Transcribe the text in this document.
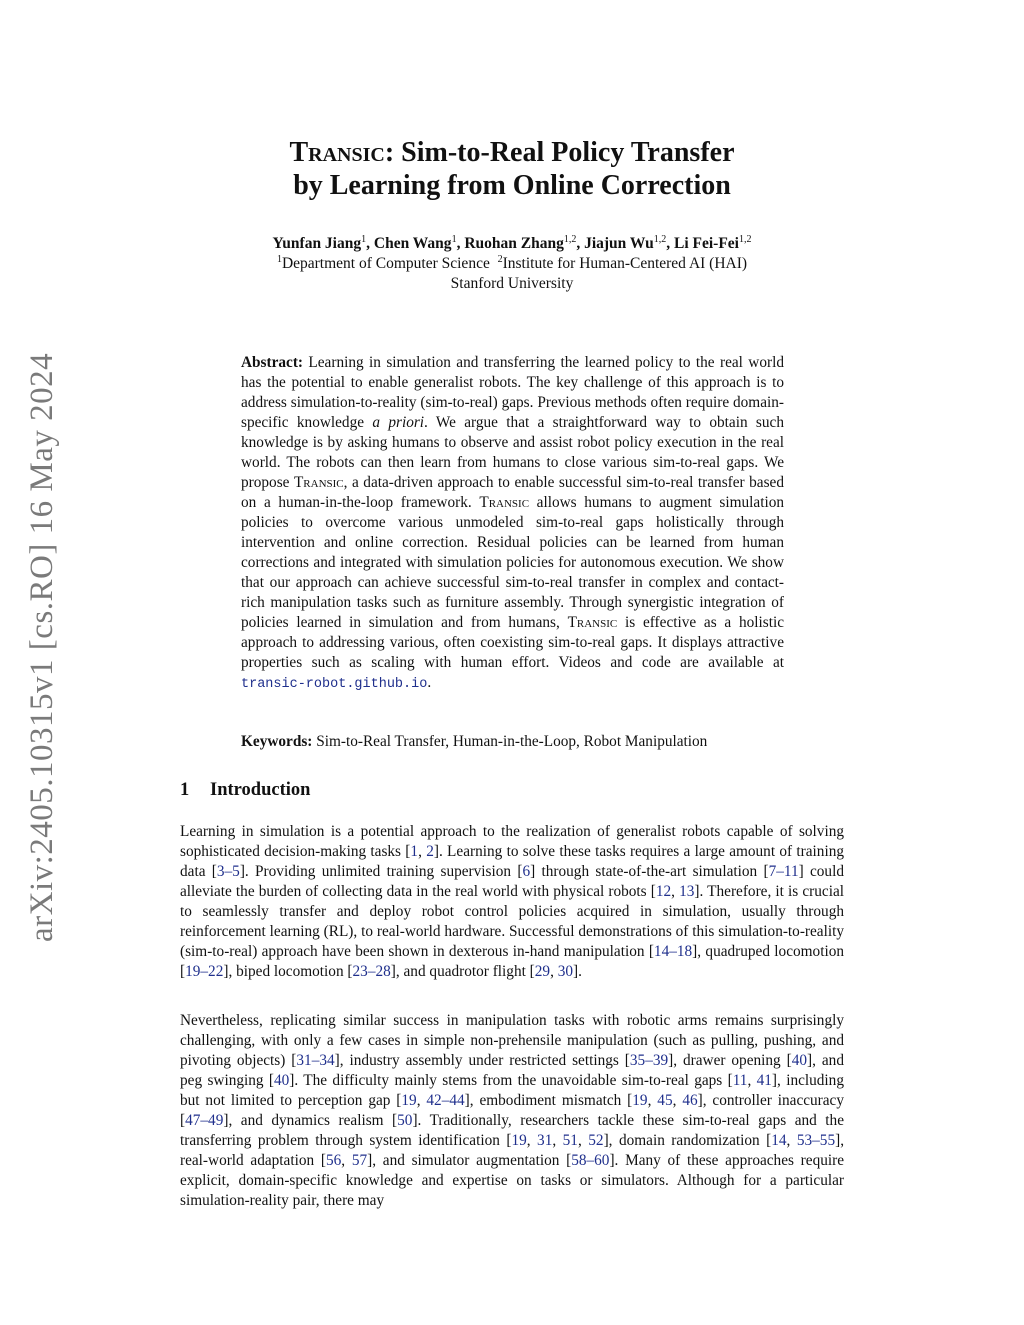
arXiv:2405.10315v1 [cs.RO] 16 May 2024
Transic: Sim-to-Real Policy Transfer
by Learning from Online Correction
Yunfan Jiang$^1$, Chen Wang$^1$, Ruohan Zhang$^{1,2}$, Jiajun Wu$^{1,2}$, Li Fei-Fei$^{1,2}$
$^1$Department of Computer Science $^2$Institute for Human-Centered AI (HAI)
Stanford University
Abstract: Learning in simulation and transferring the learned policy to the real world has the potential to enable generalist robots. The key challenge of this approach is to address simulation-to-reality (sim-to-real) gaps. Previous methods often require domain-specific knowledge a priori. We argue that a straightforward way to obtain such knowledge is by asking humans to observe and assist robot policy execution in the real world. The robots can then learn from humans to close various sim-to-real gaps. We propose Transic, a data-driven approach to enable successful sim-to-real transfer based on a human-in-the-loop framework. Transic allows humans to augment simulation policies to overcome various unmodeled sim-to-real gaps holistically through intervention and online correction. Residual policies can be learned from human corrections and integrated with simulation policies for autonomous execution. We show that our approach can achieve successful sim-to-real transfer in complex and contact-rich manipulation tasks such as furniture assembly. Through synergistic integration of policies learned in simulation and from humans, Transic is effective as a holistic approach to addressing various, often coexisting sim-to-real gaps. It displays attractive properties such as scaling with human effort. Videos and code are available at transic-robot.github.io.
Keywords: Sim-to-Real Transfer, Human-in-the-Loop, Robot Manipulation
1 Introduction
Learning in simulation is a potential approach to the realization of generalist robots capable of solving sophisticated decision-making tasks [1, 2]. Learning to solve these tasks requires a large amount of training data [3–5]. Providing unlimited training supervision [6] through state-of-the-art simulation [7–11] could alleviate the burden of collecting data in the real world with physical robots [12, 13]. Therefore, it is crucial to seamlessly transfer and deploy robot control policies acquired in simulation, usually through reinforcement learning (RL), to real-world hardware. Successful demonstrations of this simulation-to-reality (sim-to-real) approach have been shown in dexterous in-hand manipulation [14–18], quadruped locomotion [19–22], biped locomotion [23–28], and quadrotor flight [29, 30].
Nevertheless, replicating similar success in manipulation tasks with robotic arms remains surprisingly challenging, with only a few cases in simple non-prehensile manipulation (such as pulling, pushing, and pivoting objects) [31–34], industry assembly under restricted settings [35–39], drawer opening [40], and peg swinging [40]. The difficulty mainly stems from the unavoidable sim-to-real gaps [11, 41], including but not limited to perception gap [19, 42–44], embodiment mismatch [19, 45, 46], controller inaccuracy [47–49], and dynamics realism [50]. Traditionally, researchers tackle these sim-to-real gaps and the transferring problem through system identification [19, 31, 51, 52], domain randomization [14, 53–55], real-world adaptation [56, 57], and simulator augmentation [58–60]. Many of these approaches require explicit, domain-specific knowledge and expertise on tasks or simulators. Although for a particular simulation-reality pair, there may
